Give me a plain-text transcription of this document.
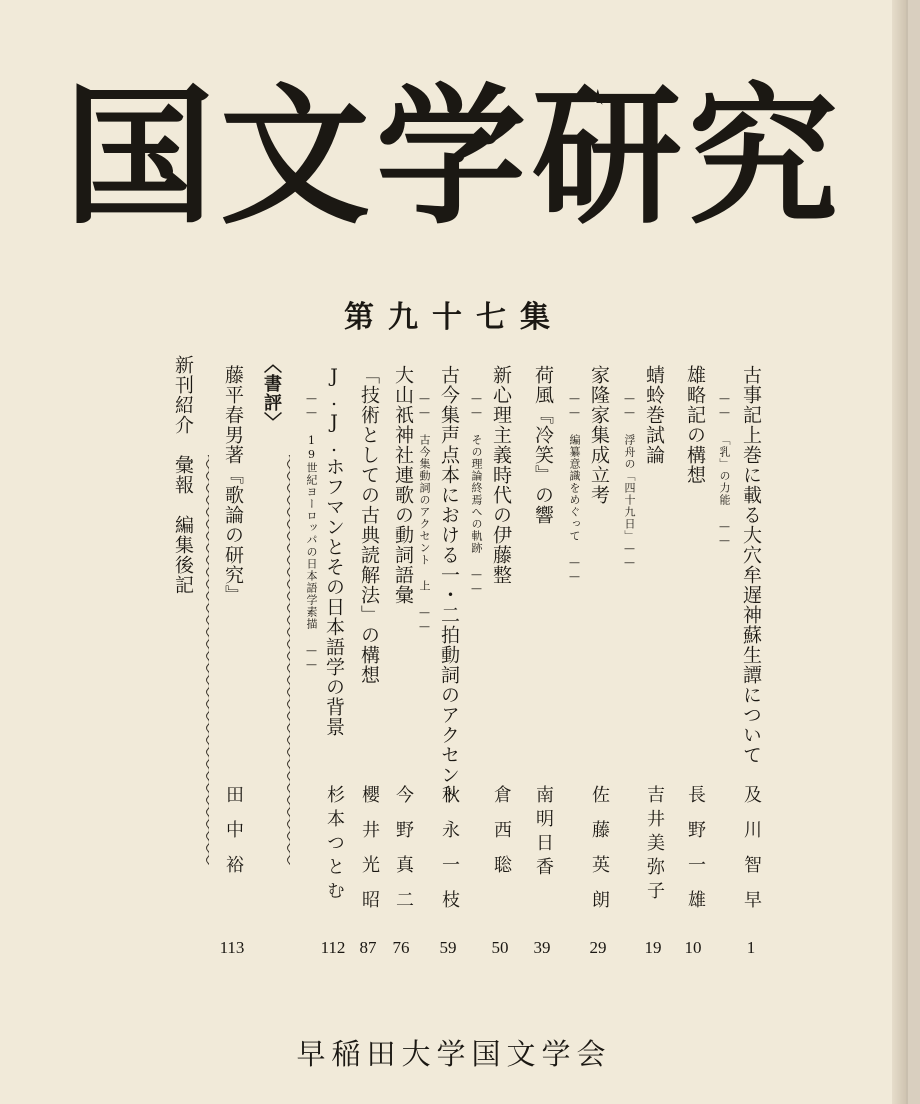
国文学研究
第九十七集
古事記上巻に載る大穴牟遅神蘇生譚について
—— 「乳」の力能 ——
及川智早
1
雄略記の構想
長野一雄
10
蜻蛉巻試論
—— 浮舟の「四十九日」——
吉井美弥子
19
家隆家集成立考
—— 編纂意識をめぐって ——
佐藤英朗
29
荷風『冷笑』の響
南明日香
39
新心理主義時代の伊藤整
—— その理論終焉への軌跡 ——
倉西聡
50
古今集声点本における一・二拍動詞のアクセント
—— 古今集動詞のアクセント 上 ——
秋永一枝
59
大山祇神社連歌の動詞語彙
今野真二
76
「技術としての古典読解法」の構想
櫻井光昭
87
J.J.ホフマンとその日本語学の背景
—— 19世紀ヨーロッパの日本語学素描 ——
杉本つとむ
112
〈書評〉
藤平春男著『歌論の研究』
田中裕
113
新刊紹介　彙報　編集後記
早稲田大学国文学会
